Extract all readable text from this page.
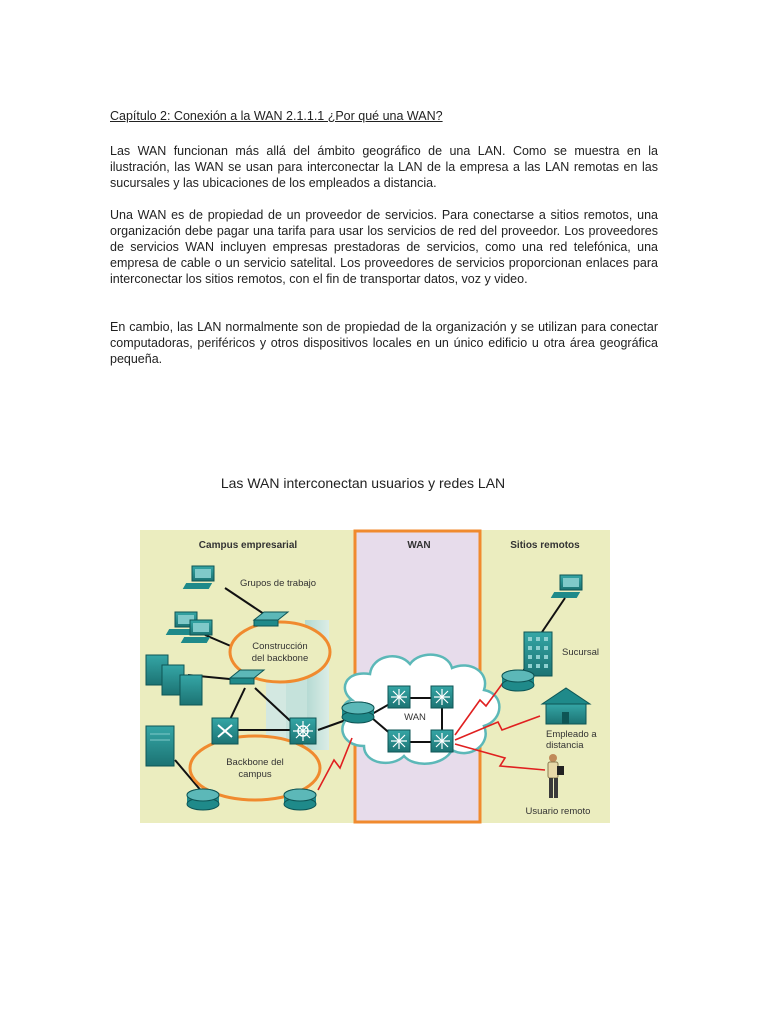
Capítulo 2: Conexión a la WAN 2.1.1.1 ¿Por qué una WAN?

Las WAN funcionan más allá del ámbito geográfico de una LAN. Como se muestra en la ilustración, las WAN se usan para interconectar la LAN de la empresa a las LAN remotas en las sucursales y las ubicaciones de los empleados a distancia.

Una WAN es de propiedad de un proveedor de servicios. Para conectarse a sitios remotos, una organización debe pagar una tarifa para usar los servicios de red del proveedor. Los proveedores de servicios WAN incluyen empresas prestadoras de servicios, como una red telefónica, una empresa de cable o un servicio satelital. Los proveedores de servicios proporcionan enlaces para interconectar los sitios remotos, con el fin de transportar datos, voz y video.

En cambio, las LAN normalmente son de propiedad de la organización y se utilizan para conectar computadoras, periféricos y otros dispositivos locales en un único edificio u otra área geográfica pequeña.

Las WAN interconectan usuarios y redes LAN

Campus empresarial	WAN	Sitios remotos
Construcción
del backbone
Backbone del
campus
Grupos de trabajo
WAN
Sucursal
Empleado a
distancia
Usuario remoto
